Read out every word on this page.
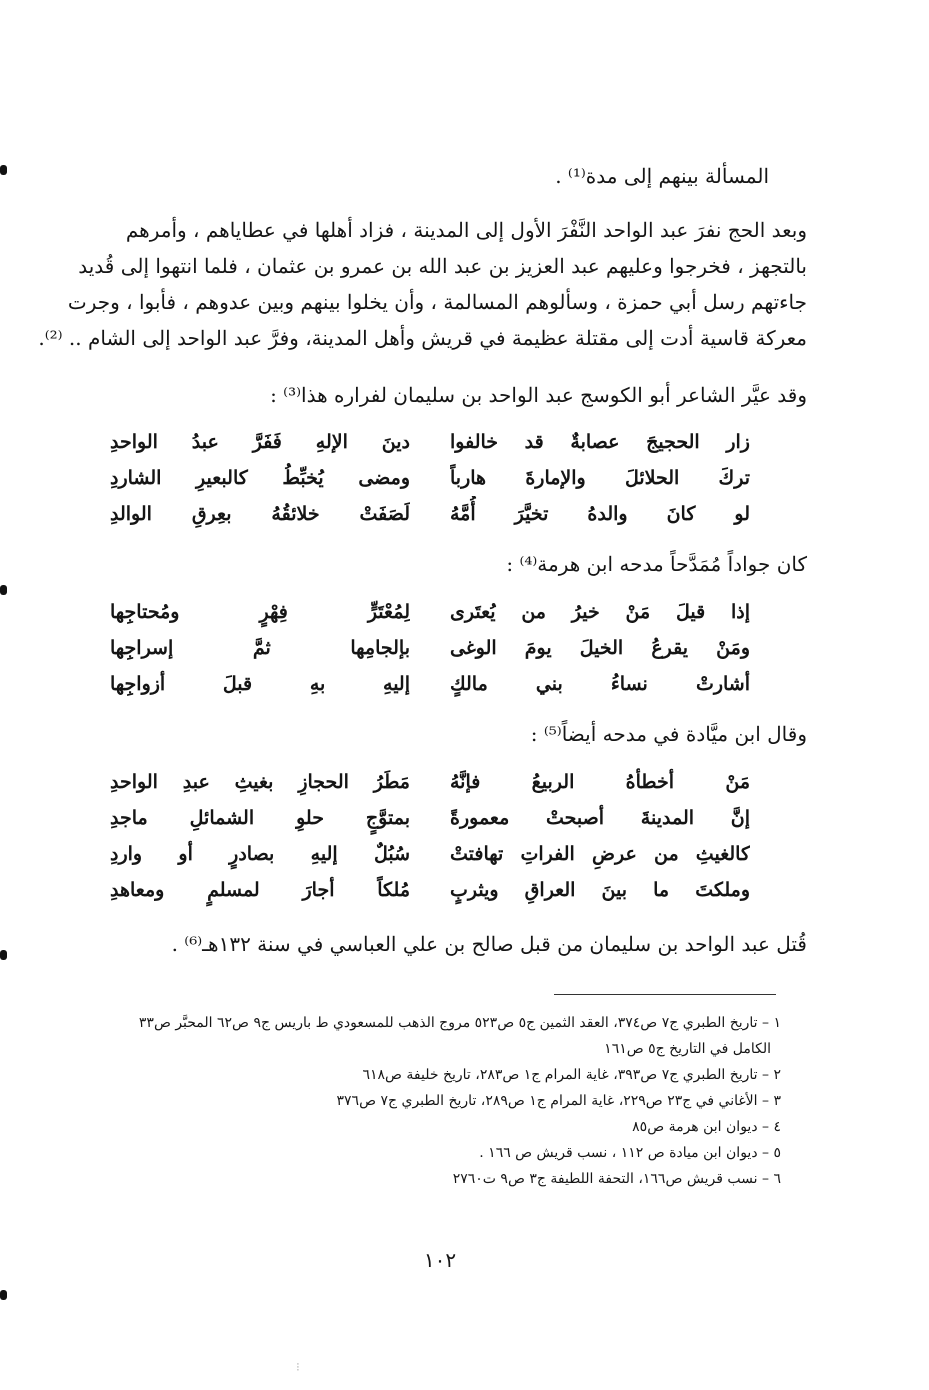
المسألة بينهم إلى مدة⁽¹⁾ .

وبعد الحج نفرَ عبد الواحد النَّفْرَ الأول إلى المدينة ، فزاد أهلها في عطاياهم ، وأمرهم

بالتجهز ، فخرجوا وعليهم عبد العزيز بن عبد الله بن عمرو بن عثمان ، فلما انتهوا إلى قُديد

جاءتهم رسل أبي حمزة ، وسألوهم المسالمة ، وأن يخلوا بينهم وبين عدوهم ، فأبوا ، وجرت

معركة قاسية أدت إلى مقتلة عظيمة في قريش وأهل المدينة، وفرَّ عبد الواحد إلى الشام .. ⁽²⁾.

وقد عيَّر الشاعر أبو الكوسج عبد الواحد بن سليمان لفراره هذا⁽³⁾ :

زار الحجيجَ عصابةٌ قد خالفوا
دينَ الإلهِ فَفَرَّ عبدُ الواحدِ
تركَ الحلائلَ والإمارةَ هارباً
ومضى يُخبِّطُ كالبعيرِ الشاردِ
لو كانَ والدهُ تخيَّرَ أُمَّهُ
لَصَفَتْ خلائقُهُ بعِرقِ الوالدِ

كان جواداً مُمَدَّحاً مدحه ابن هرمة⁽⁴⁾ :

إذا قيلَ مَنْ خيرُ من يُعتَرى
لِمُعْتَرٍّ فِهْرٍ ومُحتاجِها
ومَنْ يقرعُ الخيلَ يومَ الوغى
بإلجامِها ثمَّ إسراجِها
أشارتْ نساءُ بني مالكٍ
إليهِ بهِ قبلَ أزواجِها

وقال ابن ميَّادة في مدحه أيضاً⁽⁵⁾ :

مَنْ أخطأهُ الربيعُ فإنَّهُ
مَطَرُ الحجازِ بغيثِ عبدِ الواحدِ
إنَّ المدينةَ أصبحتْ معمورةً
بمتوَّجٍ حلوِ الشمائلِ ماجدِ
كالغيثِ من عرضِ الفراتِ تهافتتْ
سُبُلٌ إليهِ بصادرٍ أو واردِ
وملكتَ ما بينَ العراقِ ويثربٍ
مُلكاً أجارَ لمسلمٍ ومعاهدِ

قُتل عبد الواحد بن سليمان من قبل صالح بن علي العباسي في سنة ١٣٢هـ⁽⁶⁾ .

١ – تاريخ الطبري ج٧ ص٣٧٤، العقد الثمين ج٥ ص٥٢٣ مروج الذهب للمسعودي ط باريس ج٩ ص٦٢ المحبَّر ص٣٣
الكامل في التاريخ ج٥ ص١٦١

٢ – تاريخ الطبري ج٧ ص٣٩٣، غاية المرام ج١ ص٢٨٣، تاريخ خليفة ص٦١٨

٣ – الأغاني في ج٢٣ ص٢٢٩، غاية المرام ج١ ص٢٨٩، تاريخ الطبري ج٧ ص٣٧٦

٤ – ديوان ابن هرمة ص٨٥

٥ – ديوان ابن ميادة ص ١١٢ ، نسب قريش ص ١٦٦ .

٦ – نسب قريش ص١٦٦، التحفة اللطيفة ج٣ ص٩ ت٢٧٦٠

١٠٢
⁝
